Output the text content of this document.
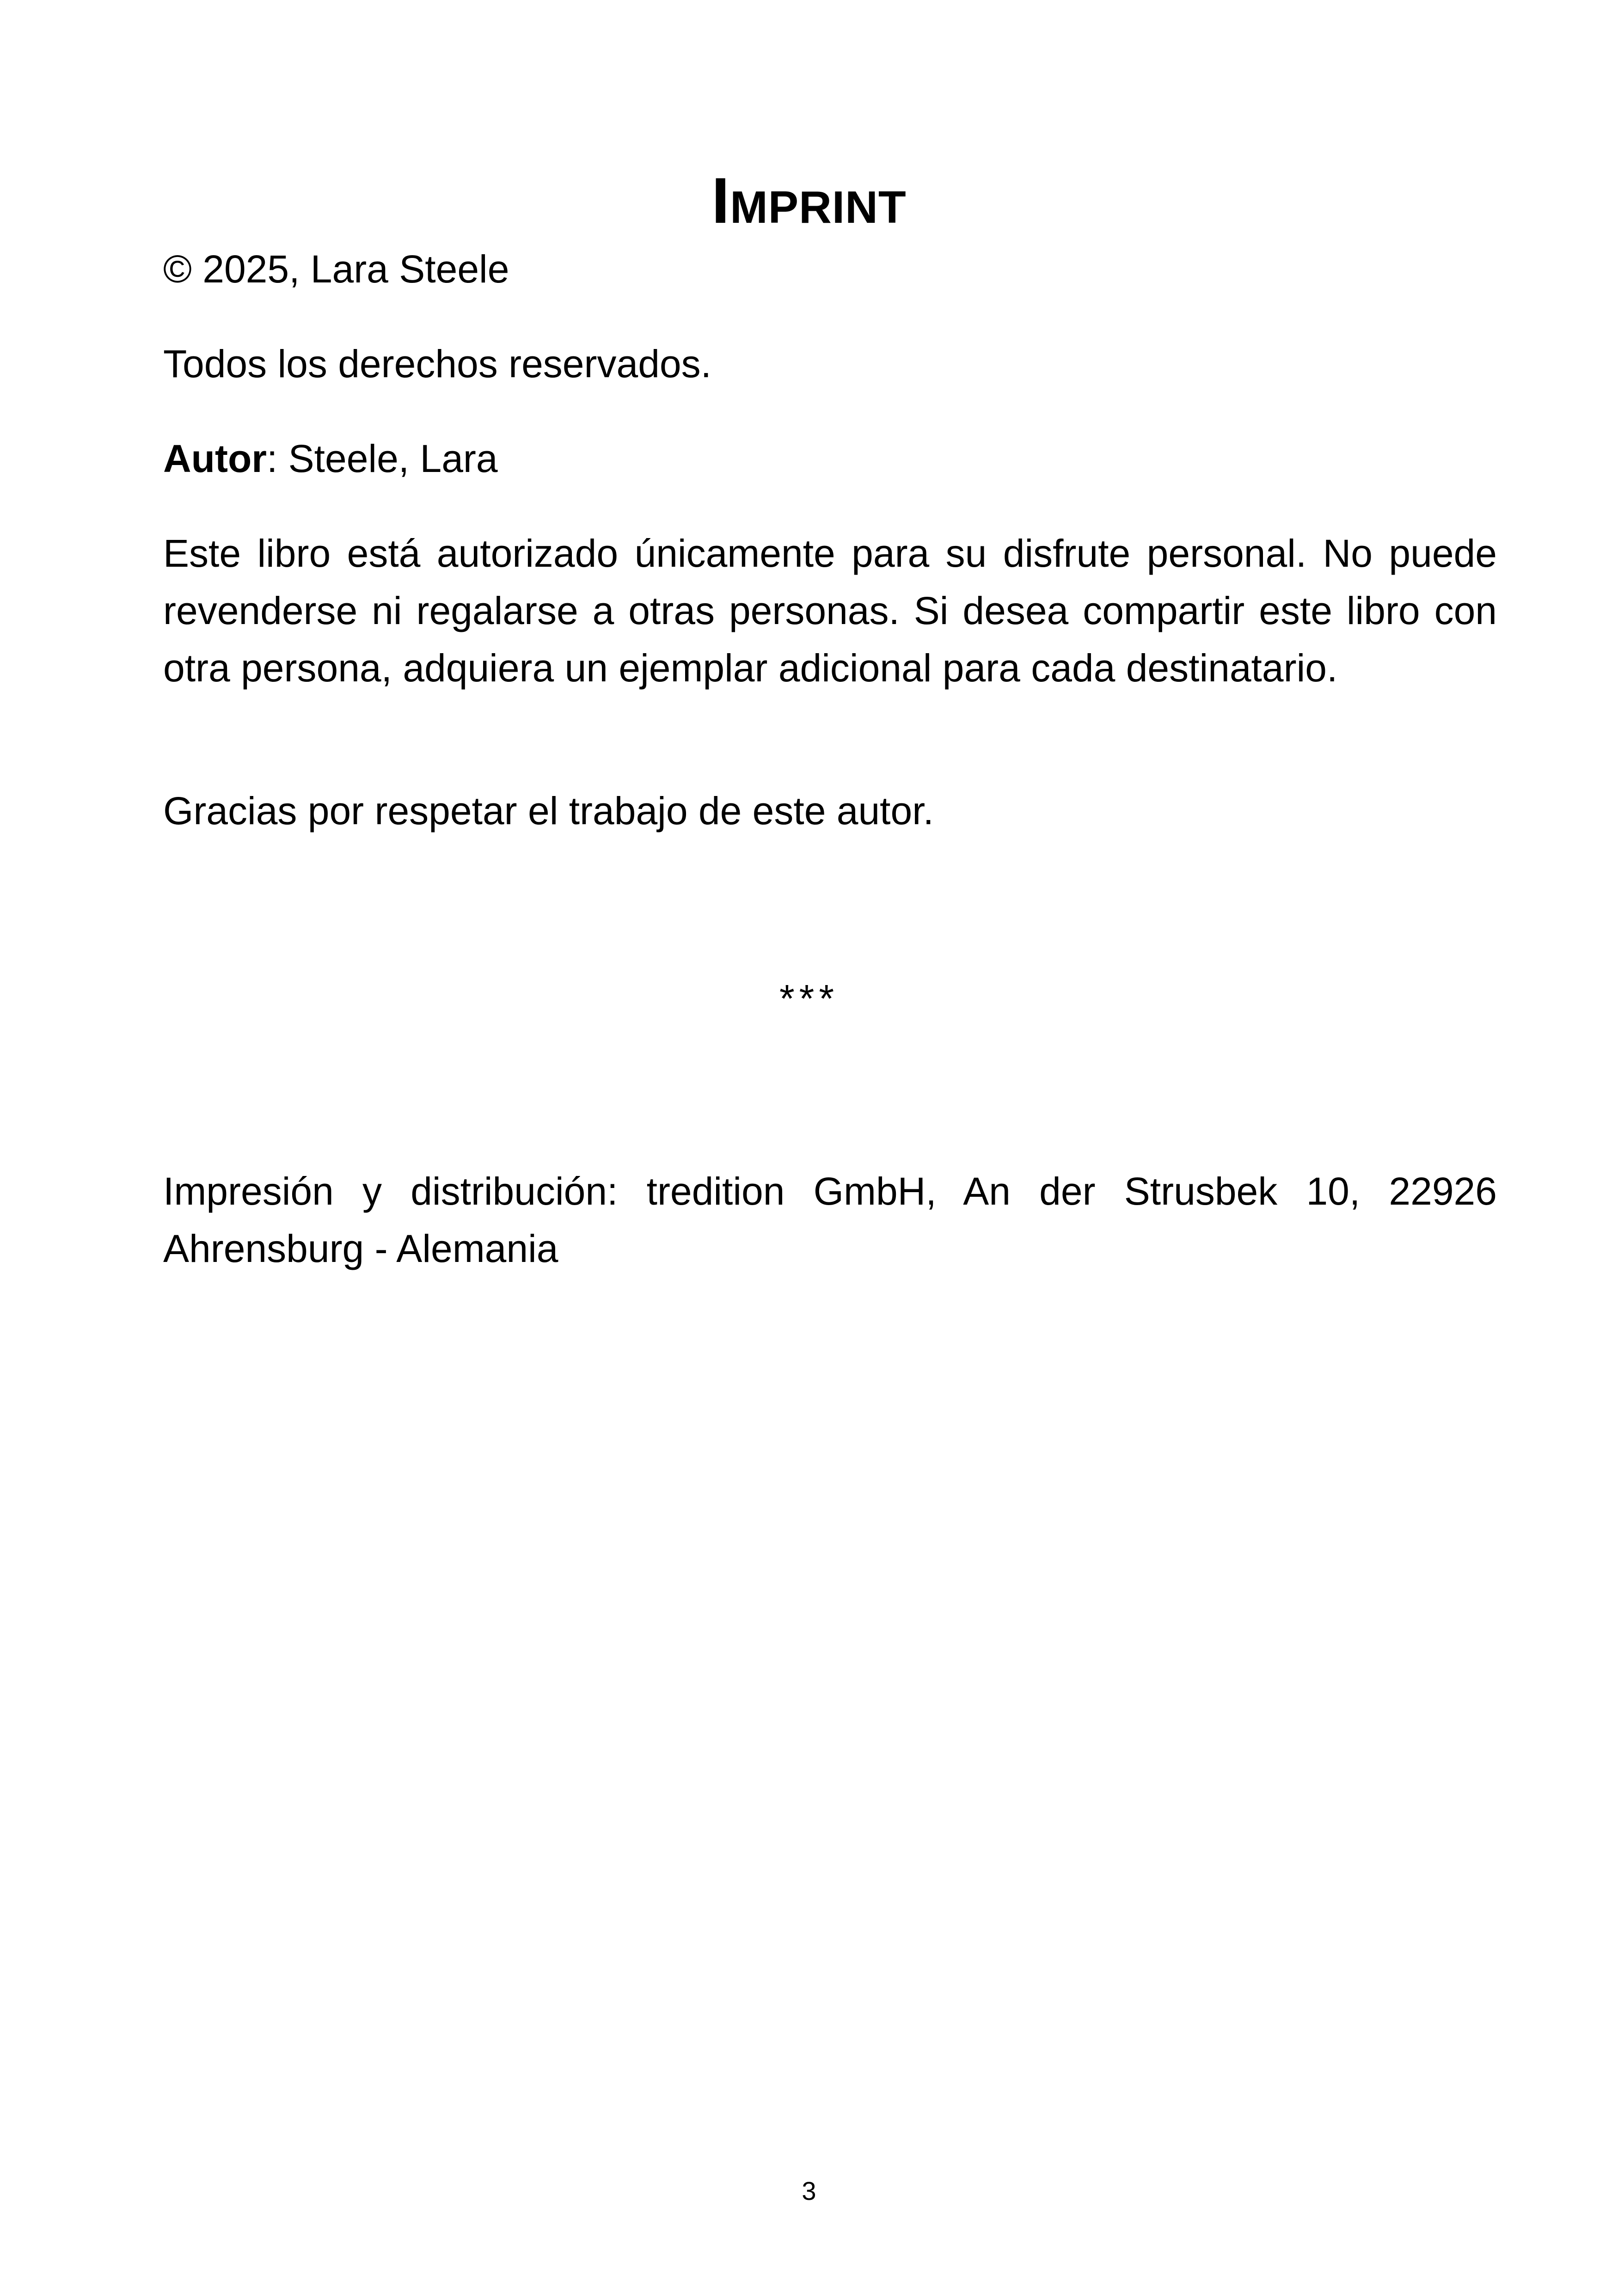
Imprint

© 2025, Lara Steele

Todos los derechos reservados.

Autor: Steele, Lara

Este libro está autorizado únicamente para su disfrute personal. No puede revenderse ni regalarse a otras personas. Si desea compartir este libro con otra persona, adquiera un ejemplar adicional para cada destinatario.

Gracias por respetar el trabajo de este autor.

***

Impresión y distribución: tredition GmbH, An der Strusbek 10, 22926 Ahrensburg - Alemania

3
